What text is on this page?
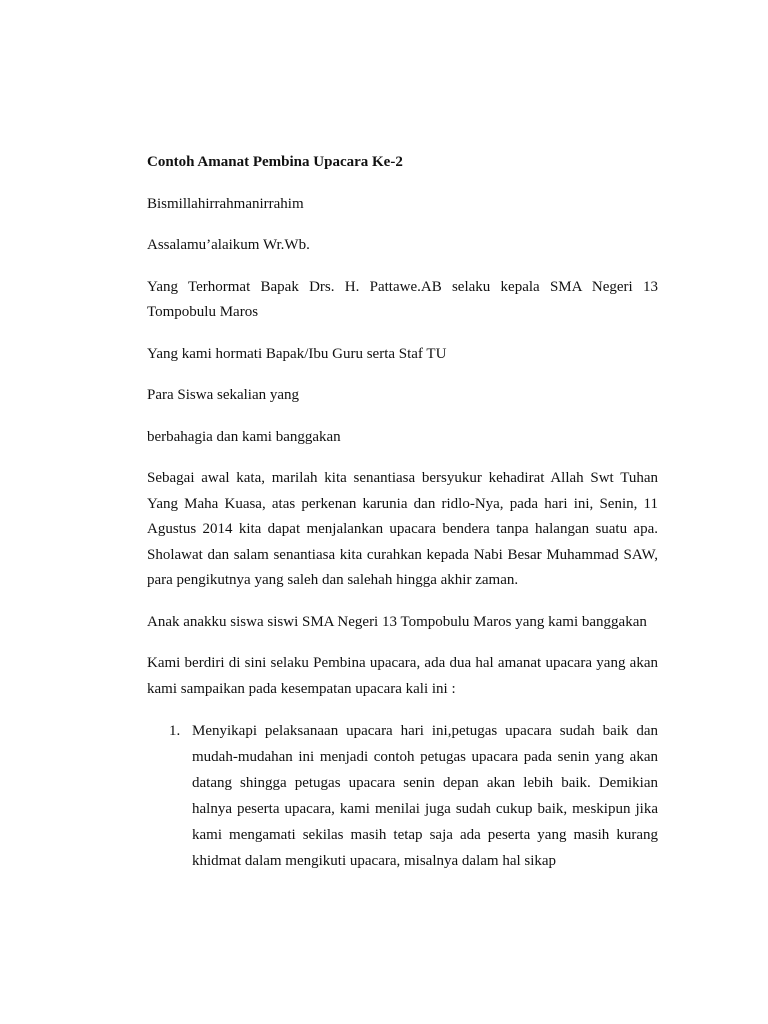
Contoh Amanat Pembina Upacara Ke-2

Bismillahirrahmanirrahim

Assalamu’alaikum Wr.Wb.

Yang Terhormat Bapak Drs. H. Pattawe.AB selaku kepala SMA Negeri 13 Tompobulu Maros

Yang kami hormati Bapak/Ibu Guru serta Staf TU

Para Siswa sekalian yang

berbahagia dan kami banggakan

Sebagai awal kata, marilah kita senantiasa bersyukur kehadirat Allah Swt Tuhan Yang Maha Kuasa, atas perkenan karunia dan ridlo-Nya, pada hari ini, Senin, 11 Agustus 2014 kita dapat menjalankan upacara bendera tanpa halangan suatu apa. Sholawat dan salam senantiasa kita curahkan kepada Nabi Besar Muhammad SAW, para pengikutnya yang saleh dan salehah hingga akhir zaman.

Anak anakku siswa siswi SMA Negeri 13 Tompobulu Maros yang kami banggakan

Kami berdiri di sini selaku Pembina upacara, ada dua hal amanat upacara yang akan kami sampaikan pada kesempatan upacara kali ini :

1. Menyikapi pelaksanaan upacara hari ini,petugas upacara sudah baik dan mudah-mudahan ini menjadi contoh petugas upacara pada senin yang akan datang shingga petugas upacara senin depan akan lebih baik. Demikian halnya peserta upacara, kami menilai juga sudah cukup baik, meskipun jika kami mengamati sekilas masih tetap saja ada peserta yang masih kurang khidmat dalam mengikuti upacara, misalnya dalam hal sikap
